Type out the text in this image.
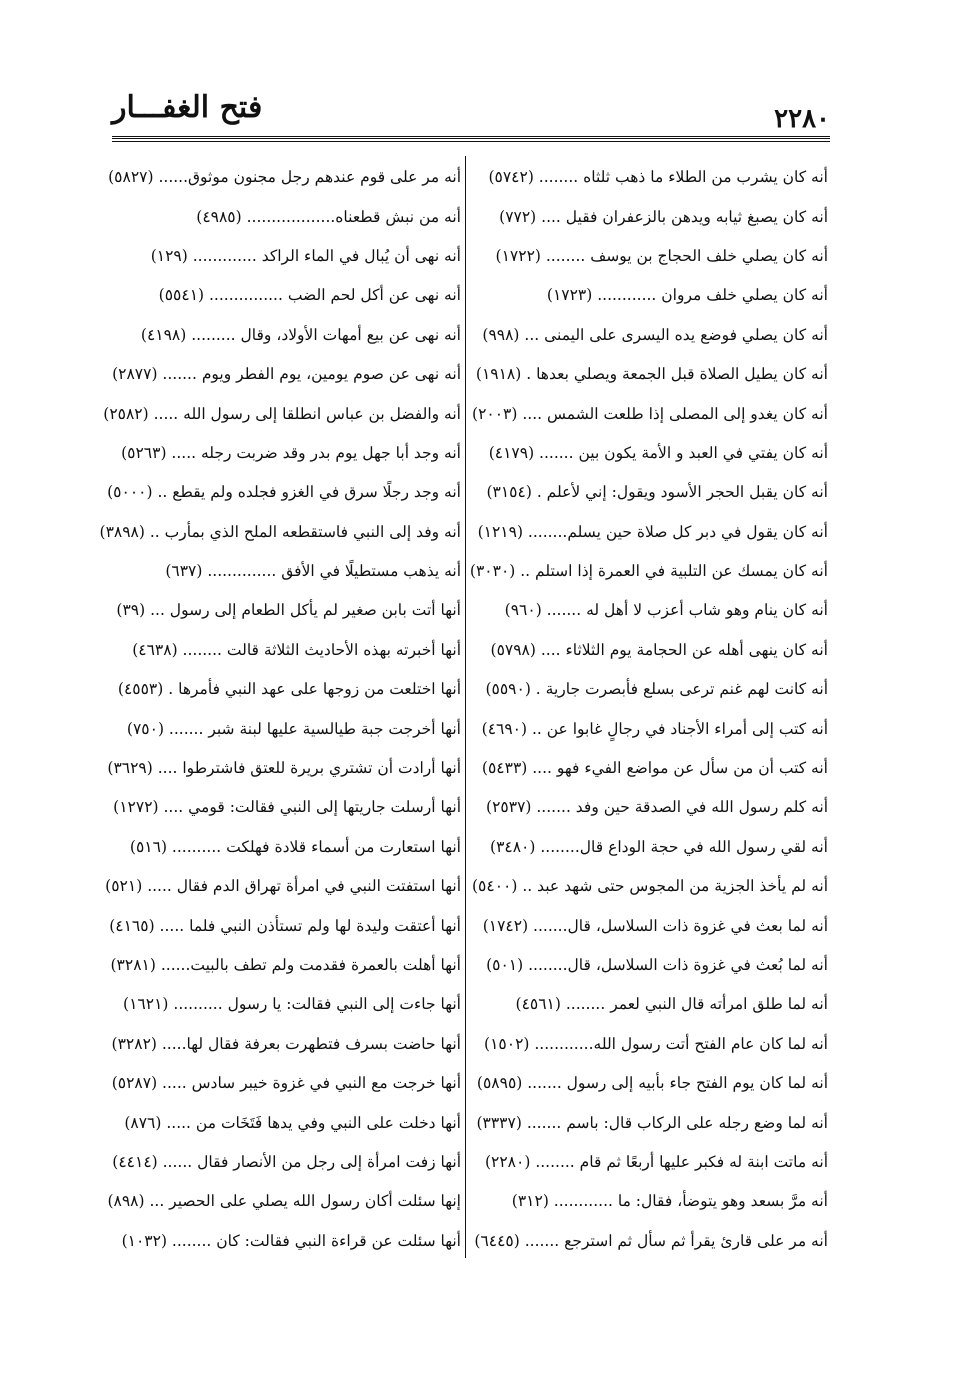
فتح الغفـــار	٢٢٨٠
أنه كان يشرب من الطلاء ما ذهب ثلثاه ........ (٥٧٤٢)
أنه كان يصبغ ثيابه ويدهن بالزعفران فقيل .... (٧٧٢)
أنه كان يصلي خلف الحجاج بن يوسف ........ (١٧٢٢)
أنه كان يصلي خلف مروان ............ (١٧٢٣)
أنه كان يصلي فوضع يده اليسرى على اليمنى ... (٩٩٨)
أنه كان يطيل الصلاة قبل الجمعة ويصلي بعدها . (١٩١٨)
أنه كان يغدو إلى المصلى إذا طلعت الشمس .... (٢٠٠٣)
أنه كان يفتي في العبد و الأمة يكون بين ....... (٤١٧٩)
أنه كان يقبل الحجر الأسود ويقول: إني لأعلم . (٣١٥٤)
أنه كان يقول في دبر كل صلاة حين يسلم........ (١٢١٩)
أنه كان يمسك عن التلبية في العمرة إذا استلم .. (٣٠٣٠)
أنه كان ينام وهو شاب أعزب لا أهل له ....... (٩٦٠)
أنه كان ينهى أهله عن الحجامة يوم الثلاثاء .... (٥٧٩٨)
أنه كانت لهم غنم ترعى بسلع فأبصرت جارية . (٥٥٩٠)
أنه كتب إلى أمراء الأجناد في رجالٍ غابوا عن .. (٤٦٩٠)
أنه كتب أن من سأل عن مواضع الفيء فهو .... (٥٤٣٣)
أنه كلم رسول الله في الصدقة حين وفد ....... (٢٥٣٧)
أنه لقي رسول الله في حجة الوداع قال........ (٣٤٨٠)
أنه لم يأخذ الجزية من المجوس حتى شهد عبد .. (٥٤٠٠)
أنه لما بعث في غزوة ذات السلاسل، قال....... (١٧٤٢)
أنه لما بُعث في غزوة ذات السلاسل، قال........ (٥٠١)
أنه لما طلق امرأته قال النبي لعمر ........ (٤٥٦١)
أنه لما كان عام الفتح أتت رسول الله............ (١٥٠٢)
أنه لما كان يوم الفتح جاء بأبيه إلى رسول ....... (٥٨٩٥)
أنه لما وضع رجله على الركاب قال: باسم ....... (٣٣٣٧)
أنه ماتت ابنة له فكبر عليها أربعًا ثم قام ........ (٢٢٨٠)
أنه مرَّ بسعد وهو يتوضأ، فقال: ما ............ (٣١٢)
أنه مر على قارئ يقرأ ثم سأل ثم استرجع ....... (٦٤٤٥)
أنه مر على قوم عندهم رجل مجنون موثوق...... (٥٨٢٧)
أنه من نبش قطعناه.................. (٤٩٨٥)
أنه نهى أن يُبال في الماء الراكد ............. (١٢٩)
أنه نهى عن أكل لحم الضب ............... (٥٥٤١)
أنه نهى عن بيع أمهات الأولاد، وقال ......... (٤١٩٨)
أنه نهى عن صوم يومين، يوم الفطر ويوم ....... (٢٨٧٧)
أنه والفضل بن عباس انطلقا إلى رسول الله ..... (٢٥٨٢)
أنه وجد أبا جهل يوم بدر وقد ضربت رجله ..... (٥٢٦٣)
أنه وجد رجلًا سرق في الغزو فجلده ولم يقطع .. (٥٠٠٠)
أنه وفد إلى النبي فاستقطعه الملح الذي بمأرب .. (٣٨٩٨)
أنه يذهب مستطيلًا في الأفق .............. (٦٣٧)
أنها أتت بابن صغير لم يأكل الطعام إلى رسول ... (٣٩)
أنها أخبرته بهذه الأحاديث الثلاثة قالت ........ (٤٦٣٨)
أنها اختلعت من زوجها على عهد النبي فأمرها . (٤٥٥٣)
أنها أخرجت جبة طيالسية عليها لبنة شبر ....... (٧٥٠)
أنها أرادت أن تشتري بريرة للعتق فاشترطوا .... (٣٦٢٩)
أنها أرسلت جاريتها إلى النبي فقالت: قومي .... (١٢٧٢)
أنها استعارت من أسماء قلادة فهلكت .......... (٥١٦)
أنها استفتت النبي في امرأة تهراق الدم فقال ..... (٥٢١)
أنها أعتقت وليدة لها ولم تستأذن النبي فلما ..... (٤١٦٥)
أنها أهلت بالعمرة فقدمت ولم تطف بالبيت...... (٣٢٨١)
أنها جاءت إلى النبي فقالت: يا رسول .......... (١٦٢١)
أنها حاضت بسرف فتطهرت بعرفة فقال لها..... (٣٢٨٢)
أنها خرجت مع النبي في غزوة خيبر سادس ..... (٥٢٨٧)
أنها دخلت على النبي وفي يدها فَتَخَات من ..... (٨٧٦)
أنها زفت امرأة إلى رجل من الأنصار فقال ...... (٤٤١٤)
إنها سئلت أكان رسول الله يصلي على الحصير ... (٨٩٨)
أنها سئلت عن قراءة النبي فقالت: كان ........ (١٠٣٢)
